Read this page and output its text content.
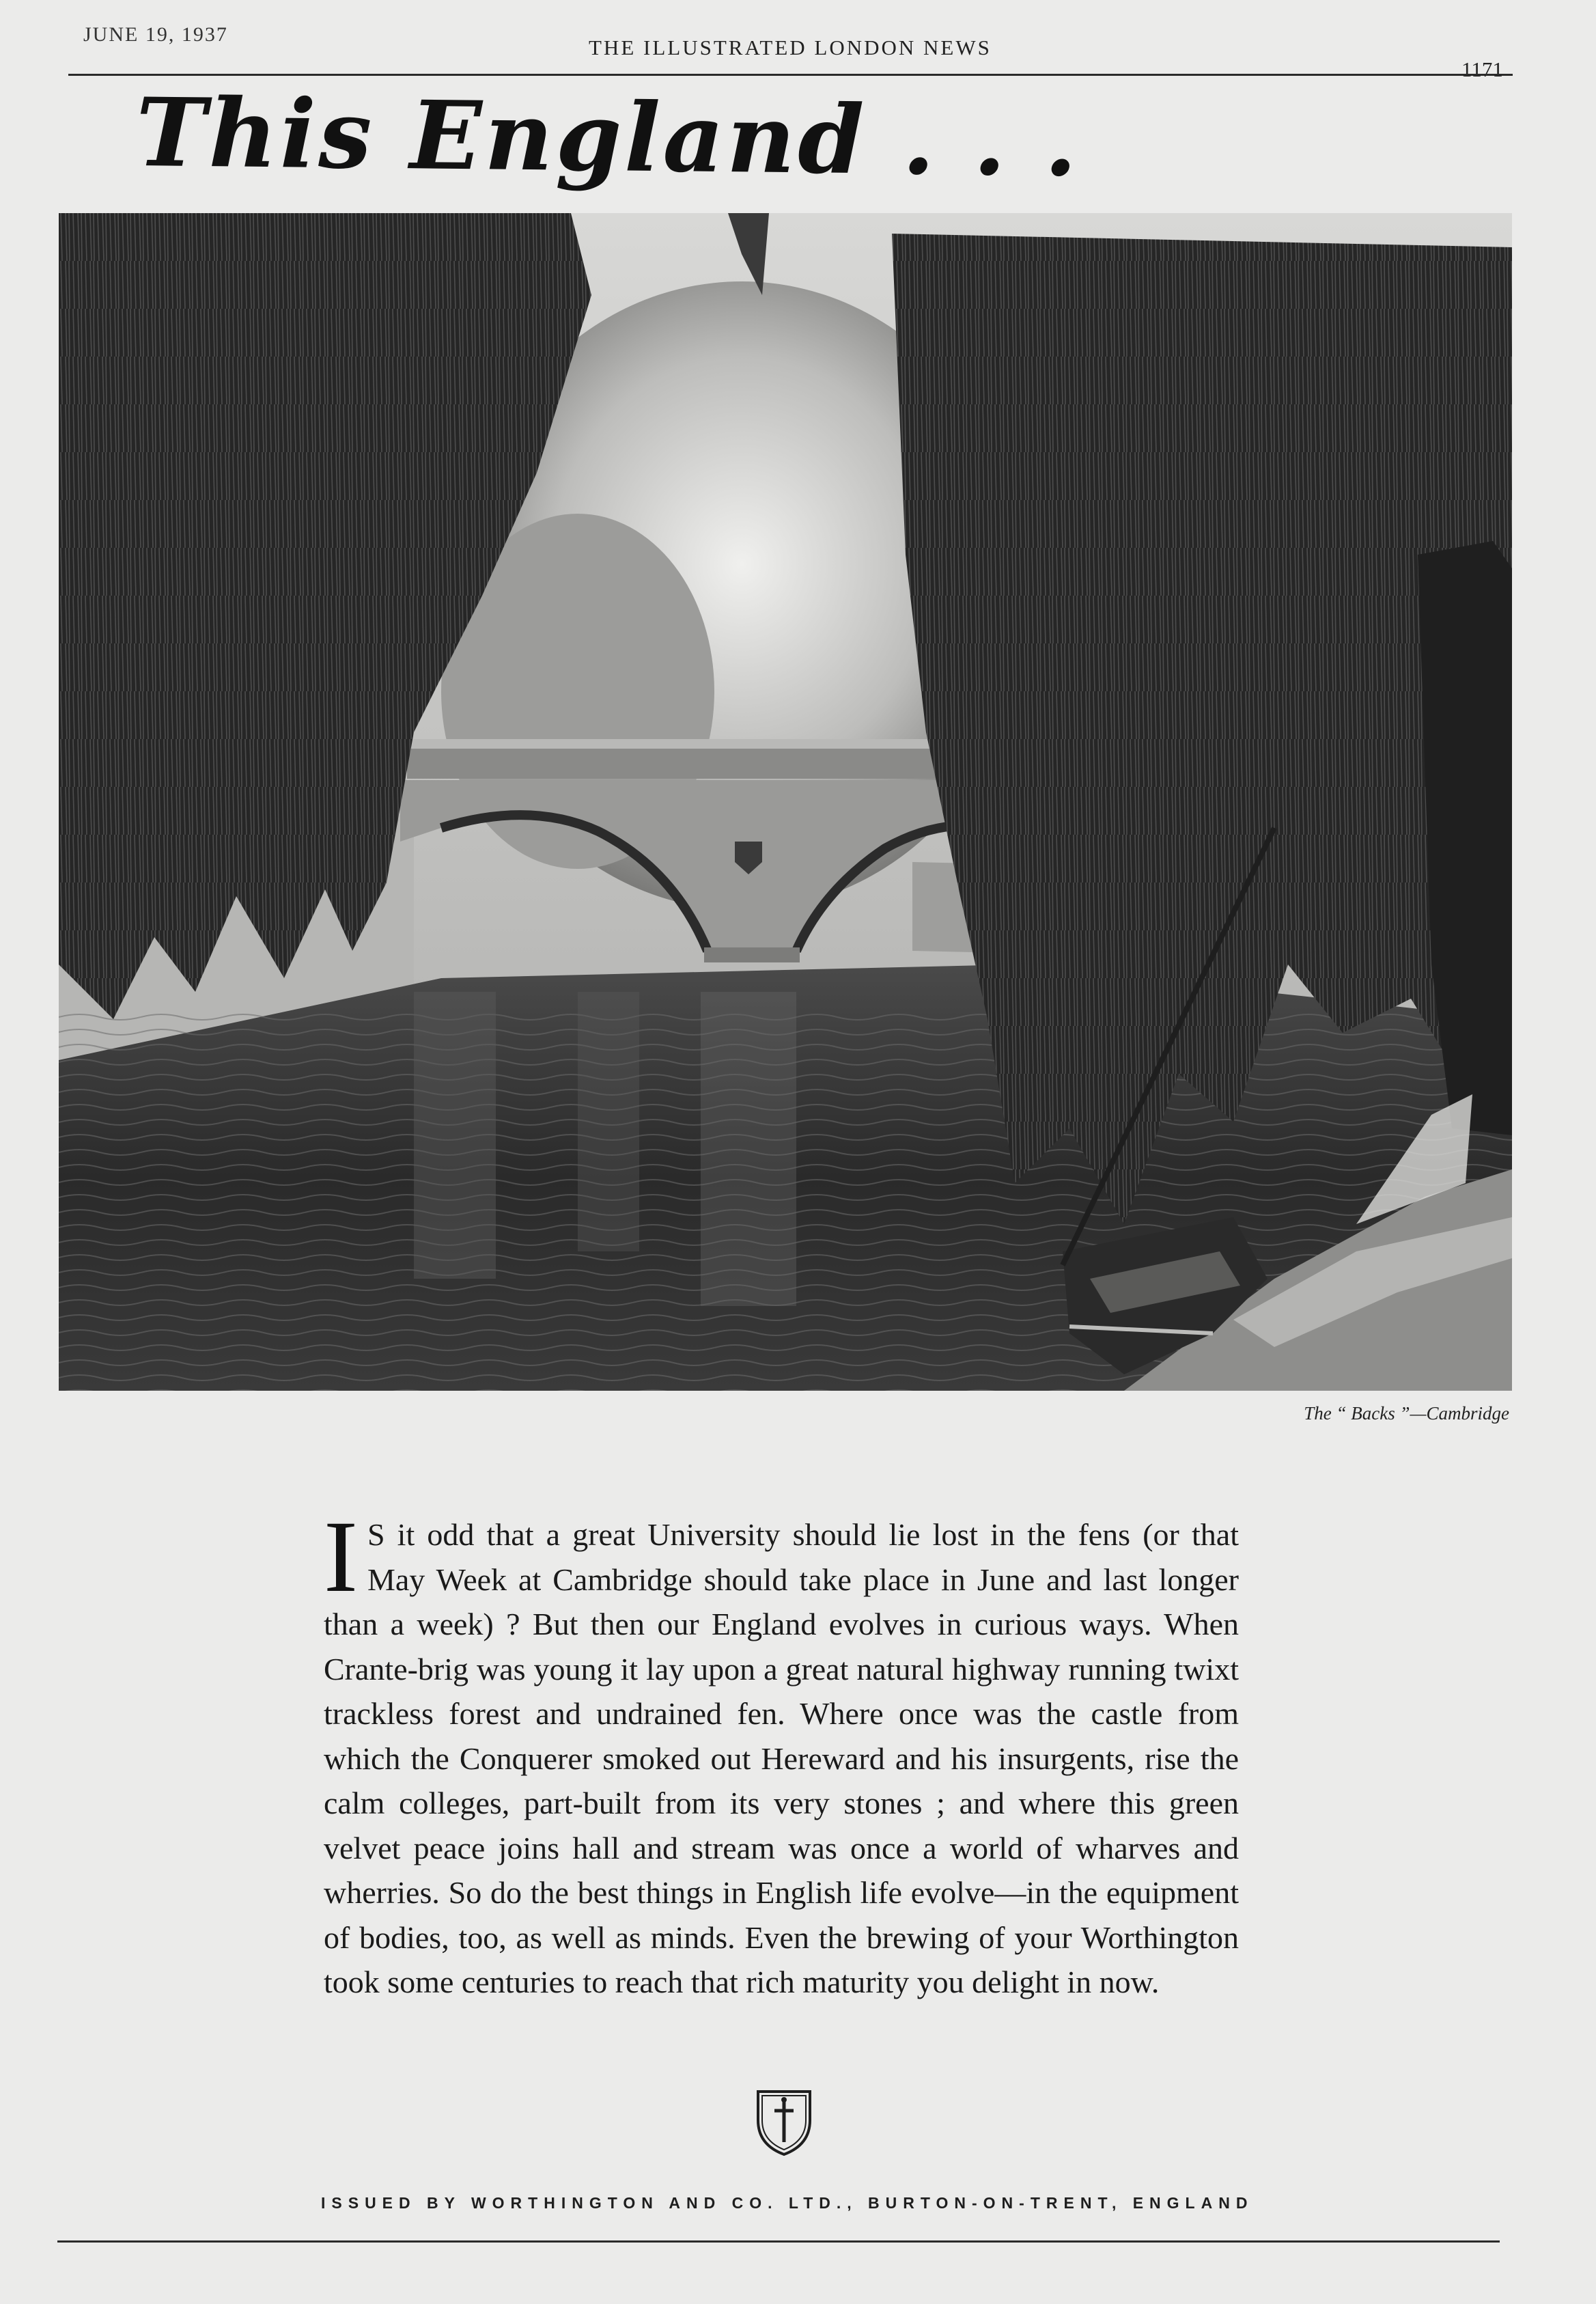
JUNE 19, 1937
THE ILLUSTRATED LONDON NEWS
1171
This England . . .
The “ Backs ”—Cambridge
I S it odd that a great University should lie lost in the fens (or that May Week at Cambridge should take place in June and last longer than a week) ? But then our England evolves in curious ways. When Crante-brig was young it lay upon a great natural highway running twixt trackless forest and undrained fen. Where once was the castle from which the Conquerer smoked out Hereward and his insurgents, rise the calm colleges, part-built from its very stones ; and where this green velvet peace joins hall and stream was once a world of wharves and wherries. So do the best things in English life evolve—in the equipment of bodies, too, as well as minds. Even the brewing of your Worthington took some centuries to reach that rich maturity you delight in now.
ISSUED BY WORTHINGTON AND CO. LTD., BURTON-ON-TRENT, ENGLAND
